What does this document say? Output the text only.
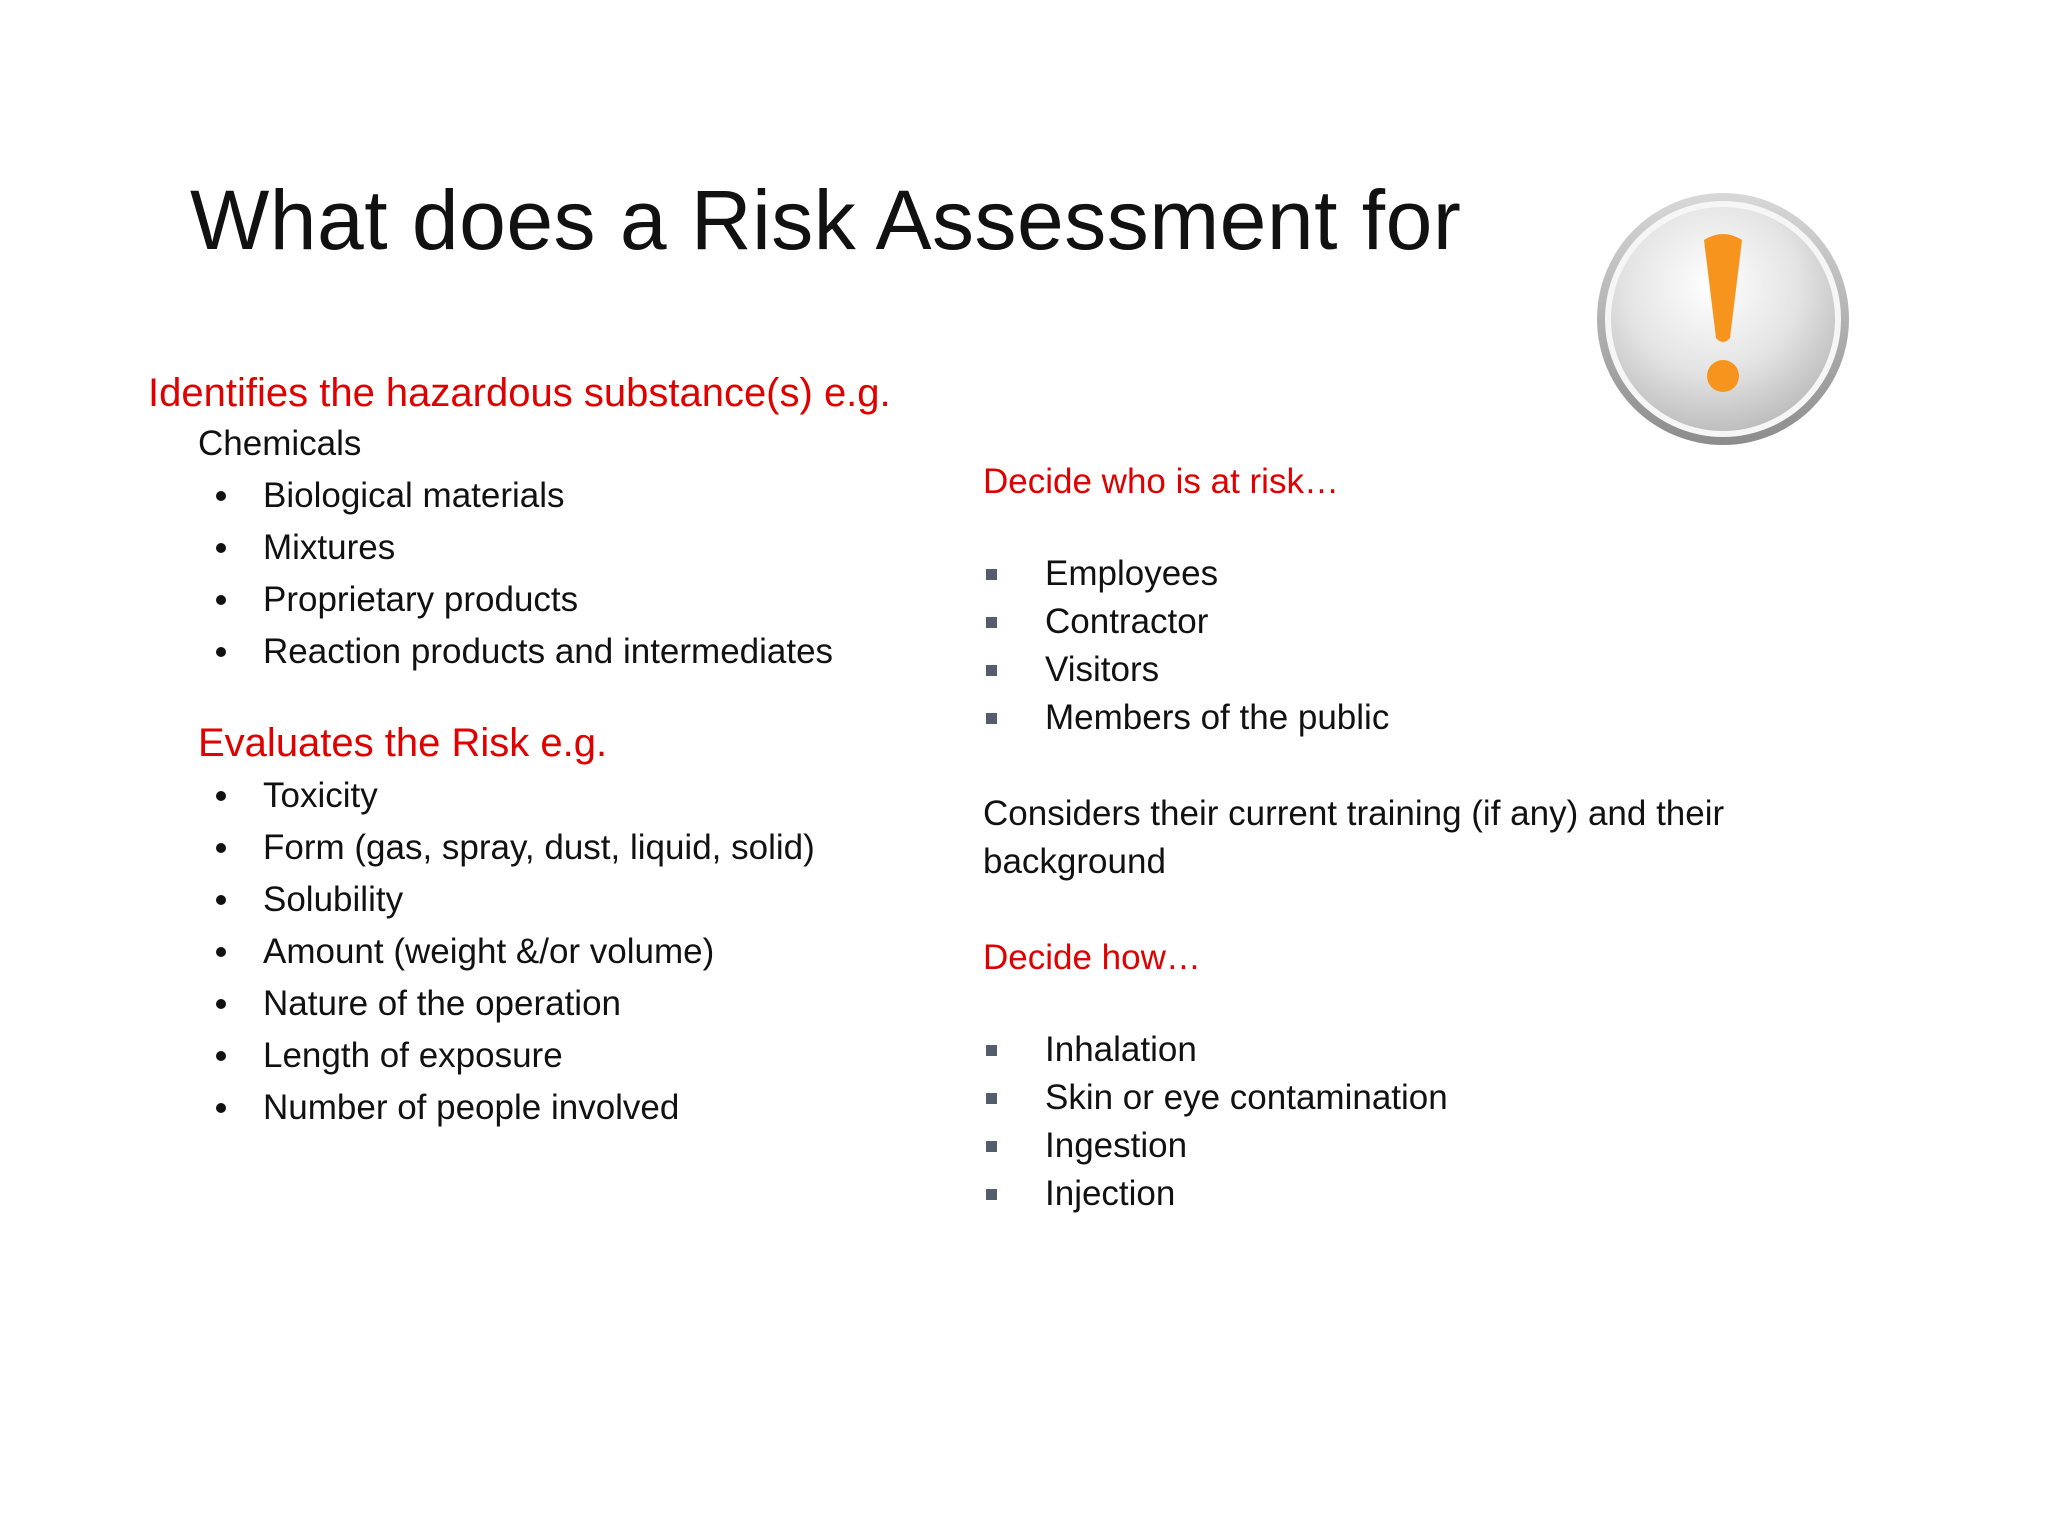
What does a Risk Assessment for
Identifies the hazardous substance(s) e.g.
Chemicals
Biological materials
Mixtures
Proprietary products
Reaction products and intermediates
Evaluates the Risk e.g.
Toxicity
Form (gas, spray, dust, liquid, solid)
Solubility
Amount (weight &/or volume)
Nature of the operation
Length of exposure
Number of people involved
Decide who is at risk…
Employees
Contractor
Visitors
Members of the public
Considers their current training (if any) and their background
Decide how…
Inhalation
Skin or eye contamination
Ingestion
Injection
